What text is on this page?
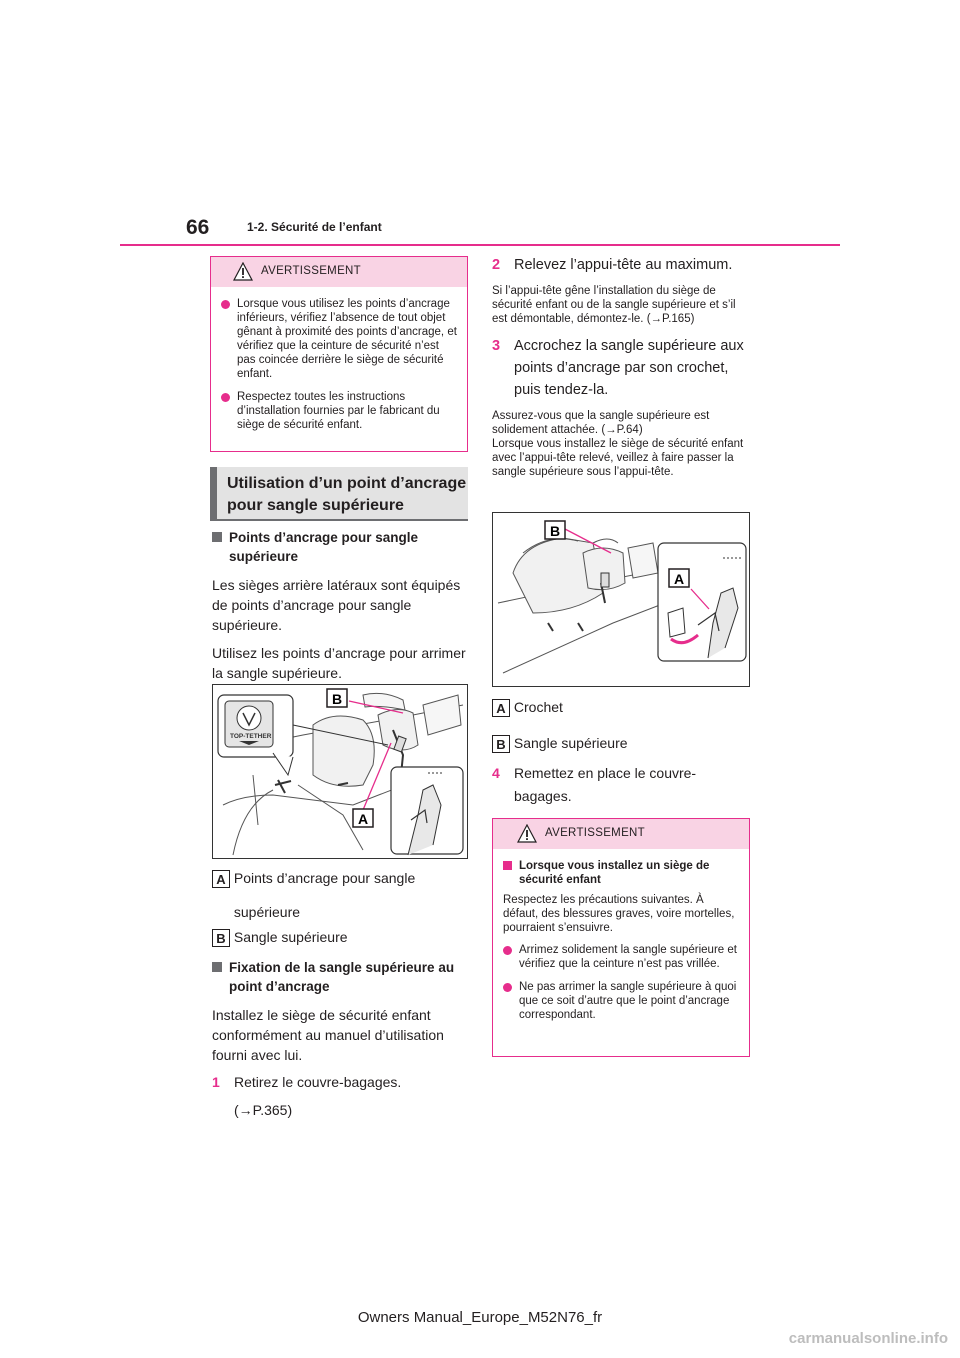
66	1-2. Sécurité de l’enfant
AVERTISSEMENT
Lorsque vous utilisez les points d’ancrage inférieurs, vérifiez l’absence de tout objet gênant à proximité des points d’ancrage, et vérifiez que la ceinture de sécurité n’est pas coincée derrière le siège de sécurité enfant.
Respectez toutes les instructions d’installation fournies par le fabricant du siège de sécurité enfant.
Utilisation d’un point d’ancrage pour sangle supérieure
Points d’ancrage pour sangle supérieure
Les sièges arrière latéraux sont équipés de points d’ancrage pour sangle supérieure.
Utilisez les points d’ancrage pour arrimer la sangle supérieure.
TOP-TETHER
B
A
A Points d’ancrage pour sangle supérieure
B Sangle supérieure
Fixation de la sangle supérieure au point d’ancrage
Installez le siège de sécurité enfant conformément au manuel d’utilisation fourni avec lui.
1 Retirez le couvre-bagages.
(→P.365)
2 Relevez l’appui-tête au maximum.
Si l’appui-tête gêne l’installation du siège de sécurité enfant ou de la sangle supérieure et s’il est démontable, démontez-le. (→P.165)
3 Accrochez la sangle supérieure aux points d’ancrage par son crochet, puis tendez-la.
Assurez-vous que la sangle supérieure est solidement attachée. (→P.64)
Lorsque vous installez le siège de sécurité enfant avec l’appui-tête relevé, veillez à faire passer la sangle supérieure sous l’appui-tête.
B
A
A Crochet
B Sangle supérieure
4 Remettez en place le couvre-bagages.
AVERTISSEMENT
Lorsque vous installez un siège de sécurité enfant
Respectez les précautions suivantes. À défaut, des blessures graves, voire mortelles, pourraient s’ensuivre.
Arrimez solidement la sangle supérieure et vérifiez que la ceinture n’est pas vrillée.
Ne pas arrimer la sangle supérieure à quoi que ce soit d’autre que le point d’ancrage correspondant.
Owners Manual_Europe_M52N76_fr
carmanualsonline.info
